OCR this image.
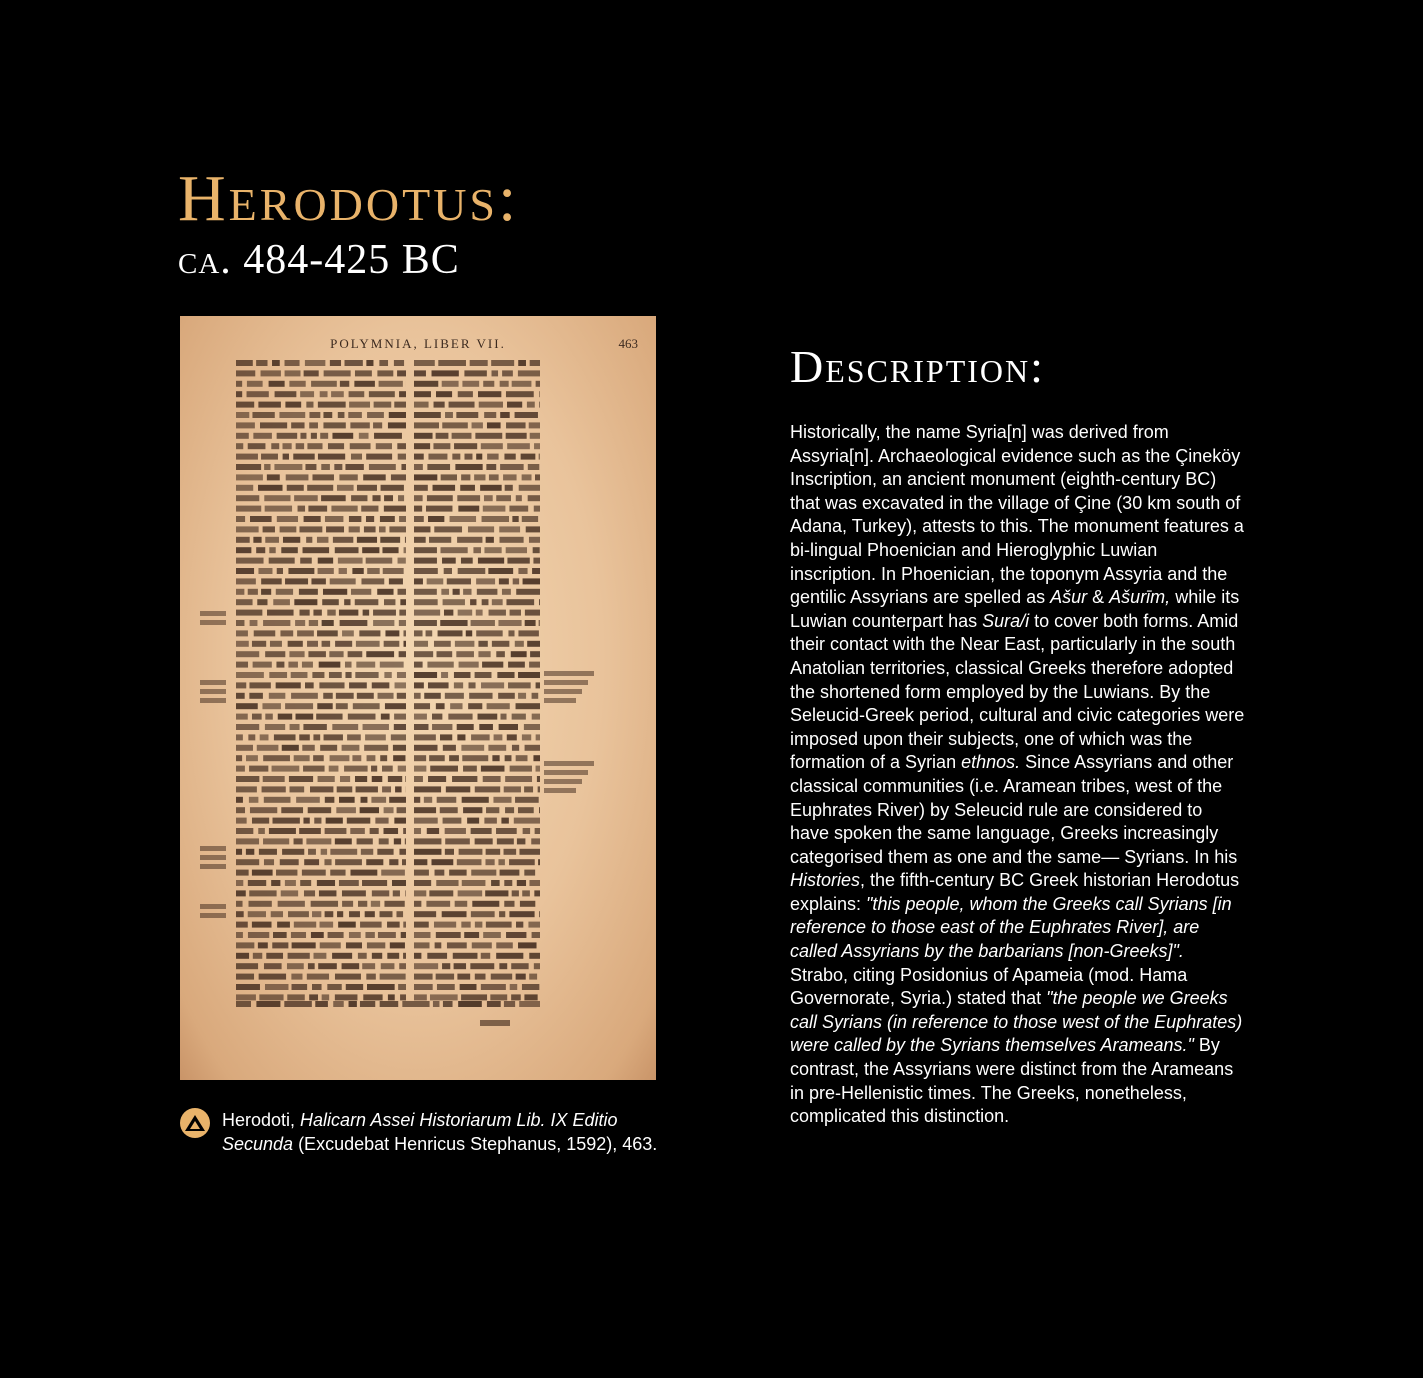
Herodotus:
ca. 484-425 BC
POLYMNIA, LIBER VII.	463
Herodoti, Halicarn Assei Historiarum Lib. IX Editio Secunda (Excudebat Henricus Stephanus, 1592), 463.
Description:
Historically, the name Syria[n] was derived from Assyria[n]. Archaeological evidence such as the Çineköy Inscription, an ancient monument (eighth-century BC) that was excavated in the village of Çine (30 km south of Adana, Turkey), attests to this. The monument features a bi-lingual Phoenician and Hieroglyphic Luwian inscription. In Phoenician, the toponym Assyria and the gentilic Assyrians are spelled as Ašur & Ašurīm, while its Luwian counterpart has Sura/i to cover both forms. Amid their contact with the Near East, particularly in the south Anatolian territories, classical Greeks therefore adopted the shortened form employed by the Luwians. By the Seleucid-Greek period, cultural and civic categories were imposed upon their subjects, one of which was the formation of a Syrian ethnos. Since Assyrians and other classical communities (i.e. Aramean tribes, west of the Euphrates River) by Seleucid rule are considered to have spoken the same language, Greeks increasingly categorised them as one and the same— Syrians. In his Histories, the fifth-century BC Greek historian Herodotus explains: "this people, whom the Greeks call Syrians [in reference to those east of the Euphrates River], are called Assyrians by the barbarians [non-Greeks]". Strabo, citing Posidonius of Apameia (mod. Hama Governorate, Syria.) stated that "the people we Greeks call Syrians (in reference to those west of the Euphrates) were called by the Syrians themselves Arameans." By contrast, the Assyrians were distinct from the Arameans in pre-Hellenistic times. The Greeks, nonetheless, complicated this distinction.
